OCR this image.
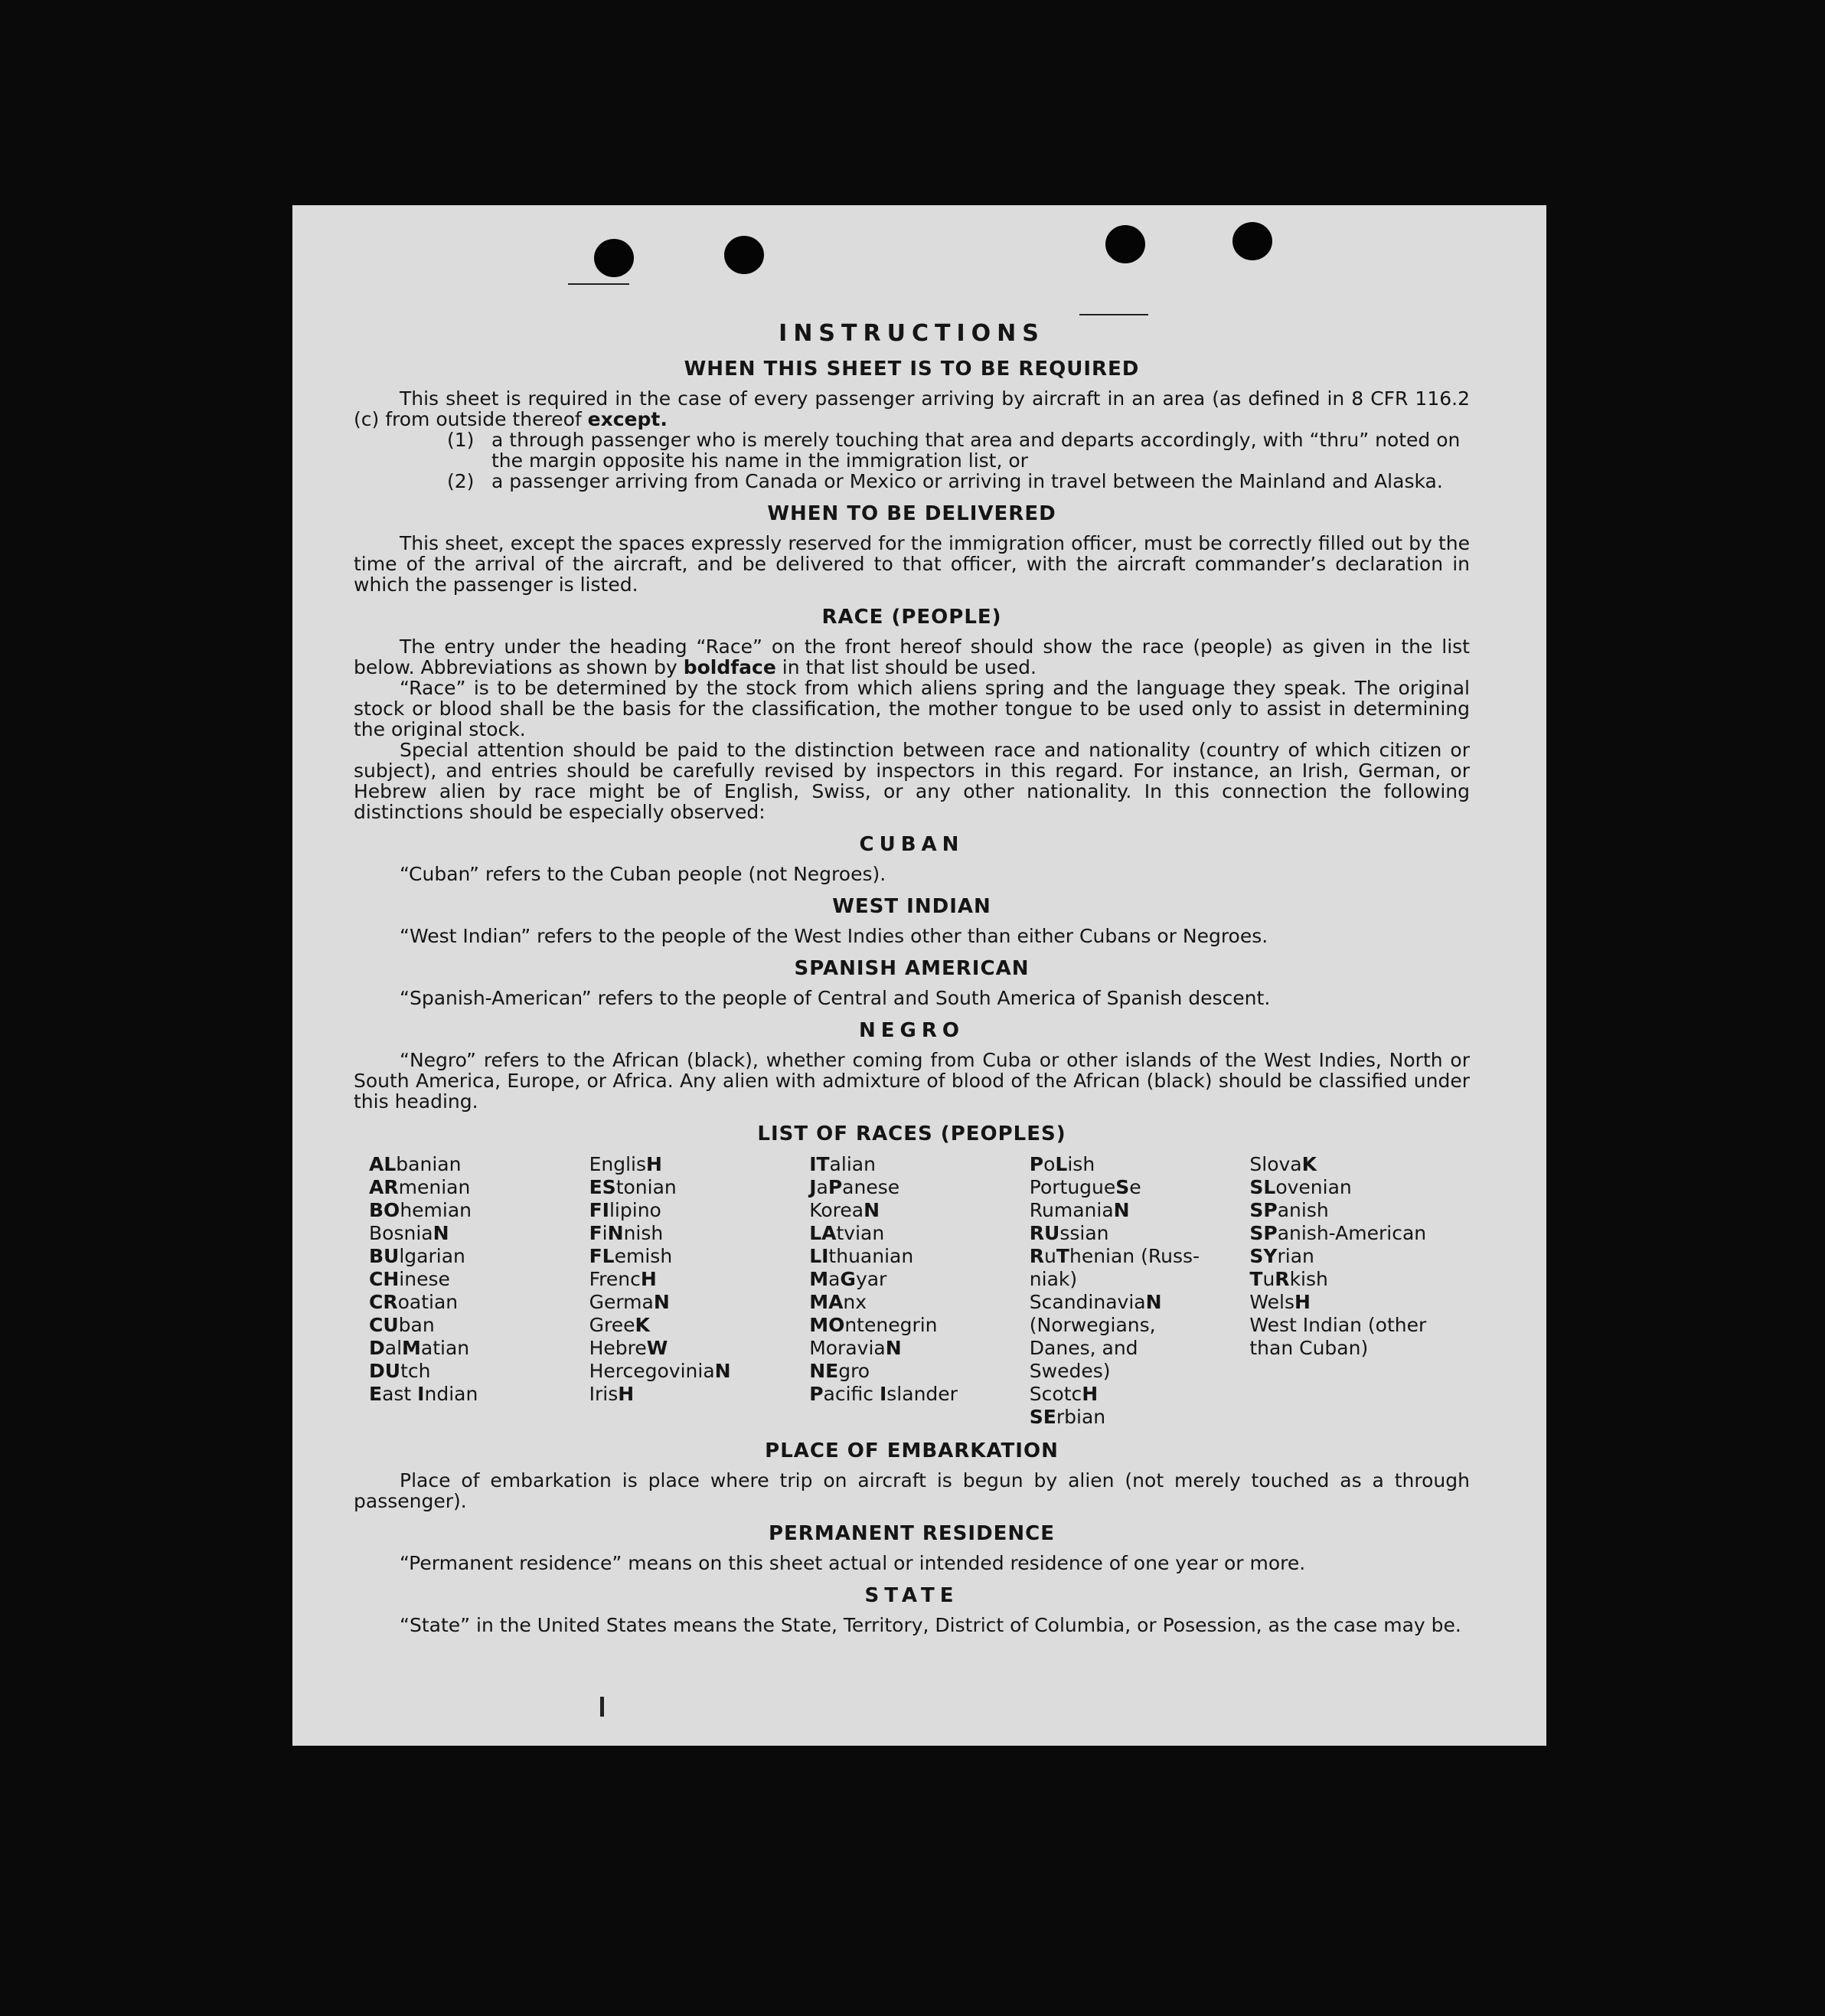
INSTRUCTIONS
WHEN THIS SHEET IS TO BE REQUIRED

This sheet is required in the case of every passenger arriving by aircraft in an area (as defined in 8 CFR 116.2 (c) from outside thereof except.

(1) a through passenger who is merely touching that area and departs accordingly, with “thru” noted on the margin opposite his name in the immigration list, or
(2) a passenger arriving from Canada or Mexico or arriving in travel between the Mainland and Alaska.
WHEN TO BE DELIVERED

This sheet, except the spaces expressly reserved for the immigration officer, must be correctly filled out by the time of the arrival of the aircraft, and be delivered to that officer, with the aircraft commander’s declaration in which the passenger is listed.

RACE (PEOPLE)

The entry under the heading “Race” on the front hereof should show the race (people) as given in the list below. Abbreviations as shown by boldface in that list should be used.

“Race” is to be determined by the stock from which aliens spring and the language they speak. The original stock or blood shall be the basis for the classification, the mother tongue to be used only to assist in determining the original stock.

Special attention should be paid to the distinction between race and nationality (country of which citizen or subject), and entries should be carefully revised by inspectors in this regard. For instance, an Irish, German, or Hebrew alien by race might be of English, Swiss, or any other nationality. In this connection the following distinctions should be especially observed:

CUBAN

“Cuban” refers to the Cuban people (not Negroes).

WEST INDIAN

“West Indian” refers to the people of the West Indies other than either Cubans or Negroes.

SPANISH AMERICAN

“Spanish-American” refers to the people of Central and South America of Spanish descent.

NEGRO

“Negro” refers to the African (black), whether coming from Cuba or other islands of the West Indies, North or South America, Europe, or Africa. Any alien with admixture of blood of the African (black) should be classified under this heading.

LIST OF RACES (PEOPLES)
ALbanian
ARmenian
BOhemian
BosniaN
BUlgarian
CHinese
CRoatian
CUban
DalMatian
DUtch
East Indian
EnglisH
EStonian
FIlipino
FiNnish
FLemish
FrencH
GermaN
GreeK
HebreW
HercegoviniaN
IrisH
ITalian
JaPanese
KoreaN
LAtvian
LIthuanian
MaGyar
MAnx
MOntenegrin
MoraviaN
NEgro
Pacific Islander
PoLish
PortugueSe
RumaniaN
RUssian
RuThenian (Russ-
niak)
ScandinaviaN
(Norwegians,
Danes, and
Swedes)
ScotcH
SErbian
SlovaK
SLovenian
SPanish
SPanish-American
SYrian
TuRkish
WelsH
West Indian (other
than Cuban)
PLACE OF EMBARKATION

Place of embarkation is place where trip on aircraft is begun by alien (not merely touched as a through passenger).

PERMANENT RESIDENCE

“Permanent residence” means on this sheet actual or intended residence of one year or more.

STATE

“State” in the United States means the State, Territory, District of Columbia, or Posession, as the case may be.
